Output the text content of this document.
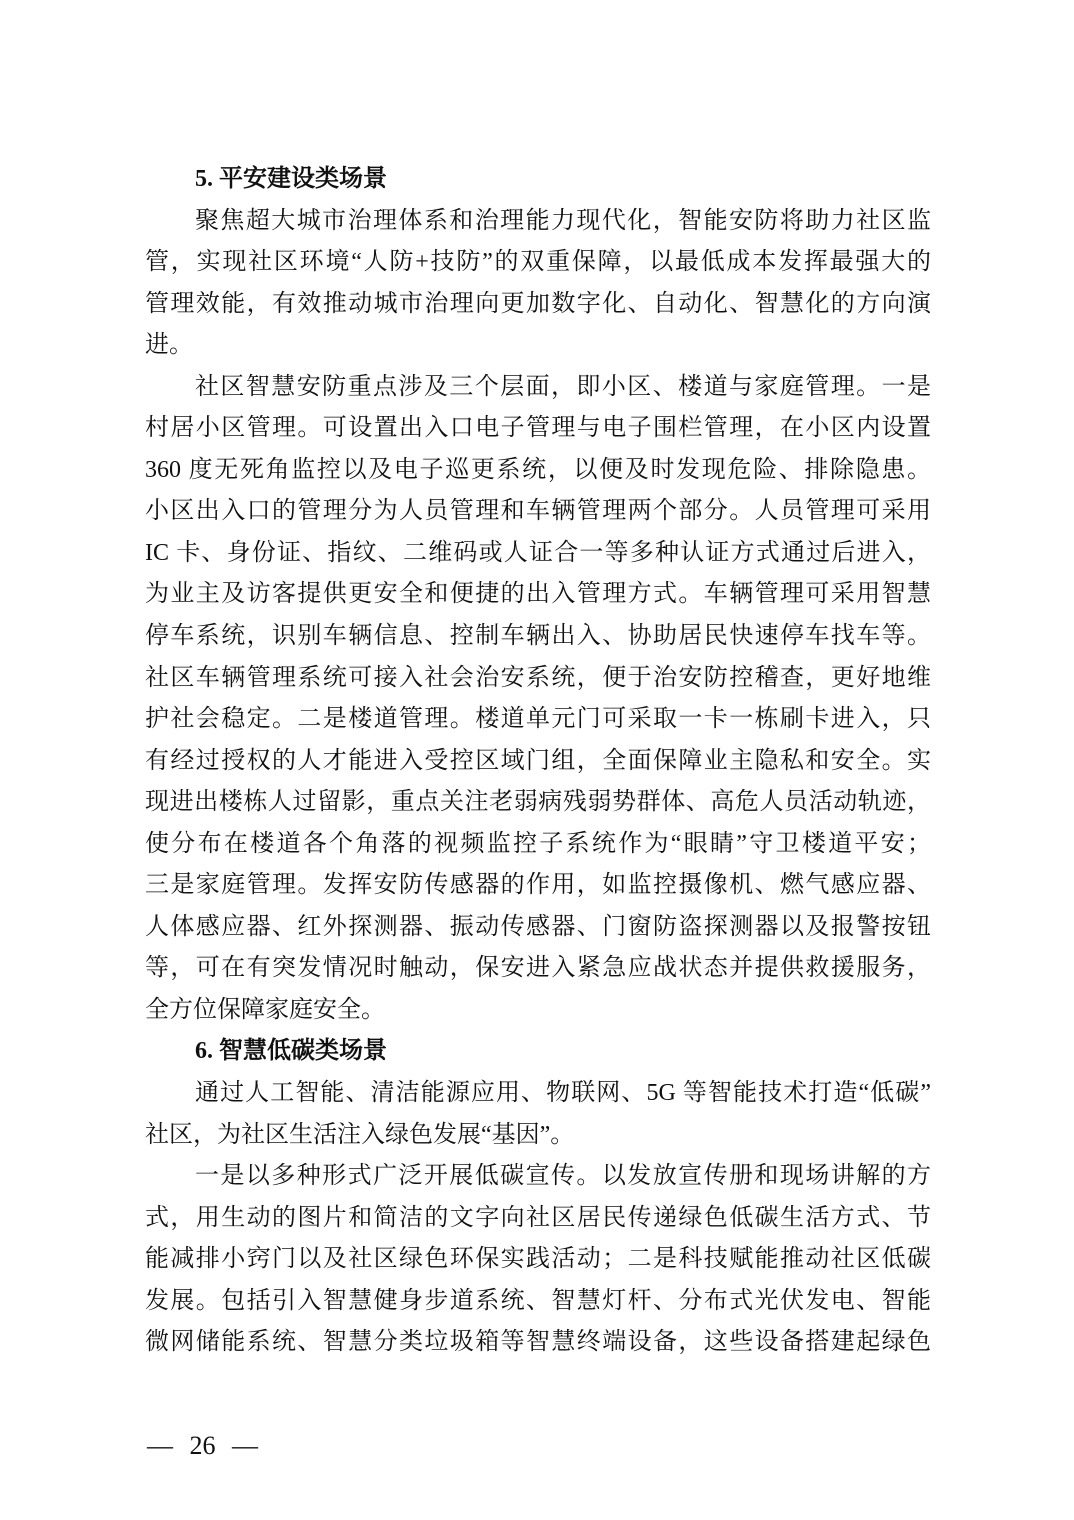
5. 平安建设类场景
聚焦超大城市治理体系和治理能力现代化，智能安防将助力社区监
管，实现社区环境“人防+技防”的双重保障，以最低成本发挥最强大的
管理效能，有效推动城市治理向更加数字化、自动化、智慧化的方向演
进。
社区智慧安防重点涉及三个层面，即小区、楼道与家庭管理。一是
村居小区管理。可设置出入口电子管理与电子围栏管理，在小区内设置
360 度无死角监控以及电子巡更系统，以便及时发现危险、排除隐患。
小区出入口的管理分为人员管理和车辆管理两个部分。人员管理可采用
IC 卡、身份证、指纹、二维码或人证合一等多种认证方式通过后进入，
为业主及访客提供更安全和便捷的出入管理方式。车辆管理可采用智慧
停车系统，识别车辆信息、控制车辆出入、协助居民快速停车找车等。
社区车辆管理系统可接入社会治安系统，便于治安防控稽查，更好地维
护社会稳定。二是楼道管理。楼道单元门可采取一卡一栋刷卡进入，只
有经过授权的人才能进入受控区域门组，全面保障业主隐私和安全。实
现进出楼栋人过留影，重点关注老弱病残弱势群体、高危人员活动轨迹，
使分布在楼道各个角落的视频监控子系统作为“眼睛”守卫楼道平安；
三是家庭管理。发挥安防传感器的作用，如监控摄像机、燃气感应器、
人体感应器、红外探测器、振动传感器、门窗防盗探测器以及报警按钮
等，可在有突发情况时触动，保安进入紧急应战状态并提供救援服务，
全方位保障家庭安全。
6. 智慧低碳类场景
通过人工智能、清洁能源应用、物联网、5G 等智能技术打造“低碳”
社区，为社区生活注入绿色发展“基因”。
一是以多种形式广泛开展低碳宣传。以发放宣传册和现场讲解的方
式，用生动的图片和简洁的文字向社区居民传递绿色低碳生活方式、节
能减排小窍门以及社区绿色环保实践活动；二是科技赋能推动社区低碳
发展。包括引入智慧健身步道系统、智慧灯杆、分布式光伏发电、智能
微网储能系统、智慧分类垃圾箱等智慧终端设备，这些设备搭建起绿色
— 26 —
